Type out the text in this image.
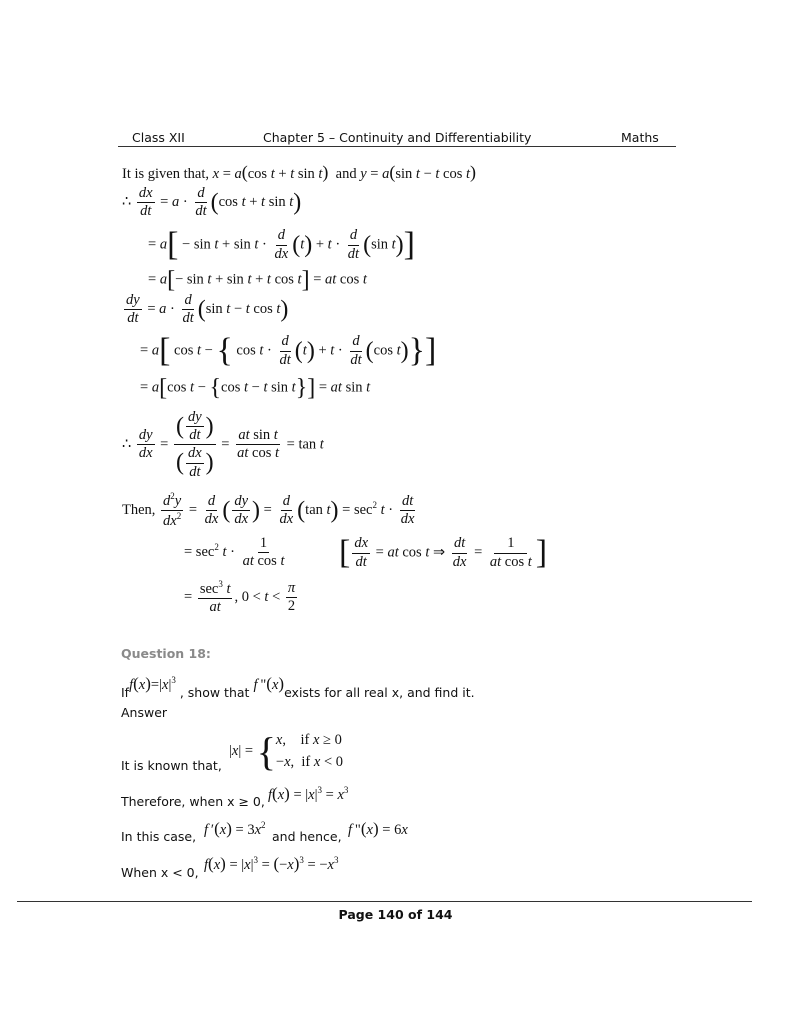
Class XII	Chapter 5 – Continuity and Differentiability	Maths
It is given that, x = a(cos t + t sin t)  and y = a(sin t − t cos t)
∴ $\frac{dx}{dt} = a \cdot \frac{d}{dt} (\cos$ t + t sin t)
= $a[ - \sin t + \sin t \cdot \frac{d}{dx} (t) + t \cdot \frac{d}{dt} (\sin$ t)]
= a[− sin t + sin t + t cos t] = at cos t
$\frac{dy}{dt} = a \cdot \frac{d}{dt} (\sin$ t − t cos t)
= a[ cos t − { $\cos t \cdot \frac{d}{dt} (t) + t \cdot \frac{d}{dt} (\cos$ t)}]
= a[cos t − {cos t − t sin t}] = at sin t
∴ $\frac{dy}{dx} = \frac{( \frac{dy}{dt} )}{( \frac{dx}{dt} )} = \frac{\text{at sin t}}{\text{at cos t}} = \tan t$
Then, $\frac{d^2y}{dx^2} = \frac{d}{dx}$ ( $\frac{dy}{dx}$ ) = $\frac{d}{dx} (\tan$ $t) = \sec^2 t \cdot \frac{dt}{dx}$
= $\sec^2 t \cdot \frac{1}{\text{at cos t}}$ [ $\frac{dx}{dt}$ = at cos t ⇒ $\frac{dt}{dx} = \frac{1}{\text{at cos t}}$ ]
= $\frac{\sec^3 t}{at}$ , $0 < t < \frac{\pi}{2}$
Question 18:
$Iff(x)=|x|^3$ , show that f "(x)exists for all real x, and find it.
Answer
|x| = {x,    if x ≥ 0
−x,  if x < 0
It is known that,
Therefore, when x ≥ 0, $f(x) = |x|^3 = x^3$
In this case, f $'(x) = 3x^2$
and hence, f "(x) = 6x
When x < 0, $f(x) = |x|^3 = (-x)^3 = -x^3$
Page 140 of 144
